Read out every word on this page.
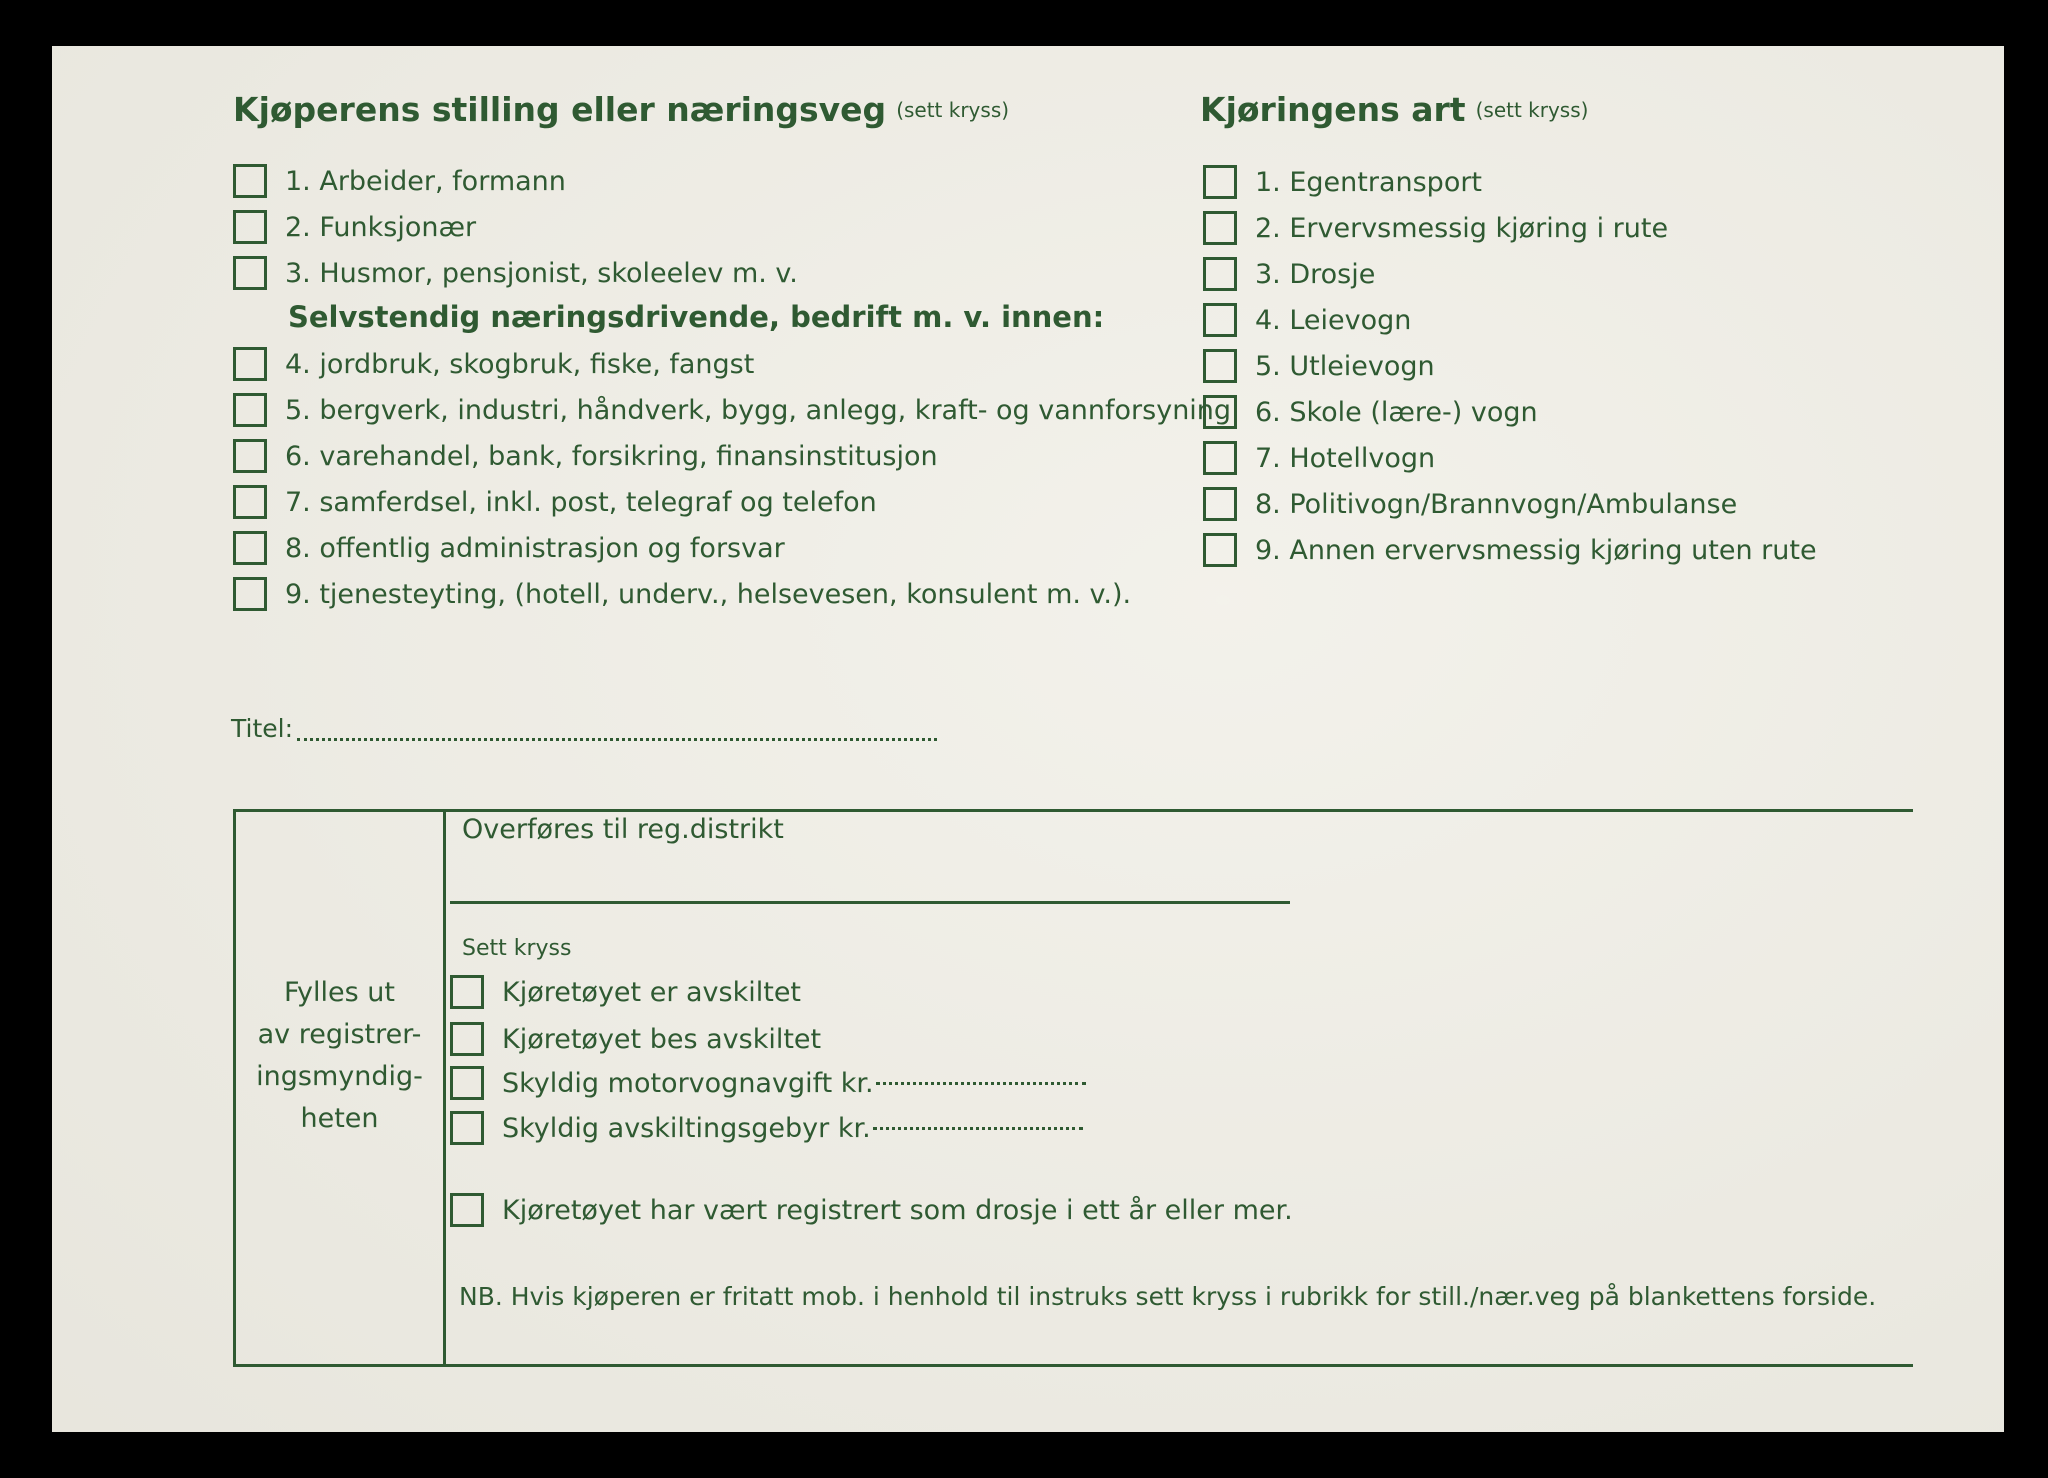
Kjøperens stilling eller næringsveg (sett kryss)
1. Arbeider, formann
2. Funksjonær
3. Husmor, pensjonist, skoleelev m. v.
Selvstendig næringsdrivende, bedrift m. v. innen:
4. jordbruk, skogbruk, fiske, fangst
5. bergverk, industri, håndverk, bygg, anlegg, kraft- og vannforsyning
6. varehandel, bank, forsikring, finansinstitusjon
7. samferdsel, inkl. post, telegraf og telefon
8. offentlig administrasjon og forsvar
9. tjenesteyting, (hotell, underv., helsevesen, konsulent m. v.).
Titel:
Kjøringens art (sett kryss)
1. Egentransport
2. Ervervsmessig kjøring i rute
3. Drosje
4. Leievogn
5. Utleievogn
6. Skole (lære-) vogn
7. Hotellvogn
8. Politivogn/Brannvogn/Ambulanse
9. Annen ervervsmessig kjøring uten rute
Fylles ut
av registrer-
ingsmyndig-
heten
Overføres til reg.distrikt
Sett kryss
Kjøretøyet er avskiltet
Kjøretøyet bes avskiltet
Skyldig motorvognavgift kr.
Skyldig avskiltingsgebyr kr.
Kjøretøyet har vært registrert som drosje i ett år eller mer.
NB. Hvis kjøperen er fritatt mob. i henhold til instruks sett kryss i rubrikk for still./nær.veg på blankettens forside.
